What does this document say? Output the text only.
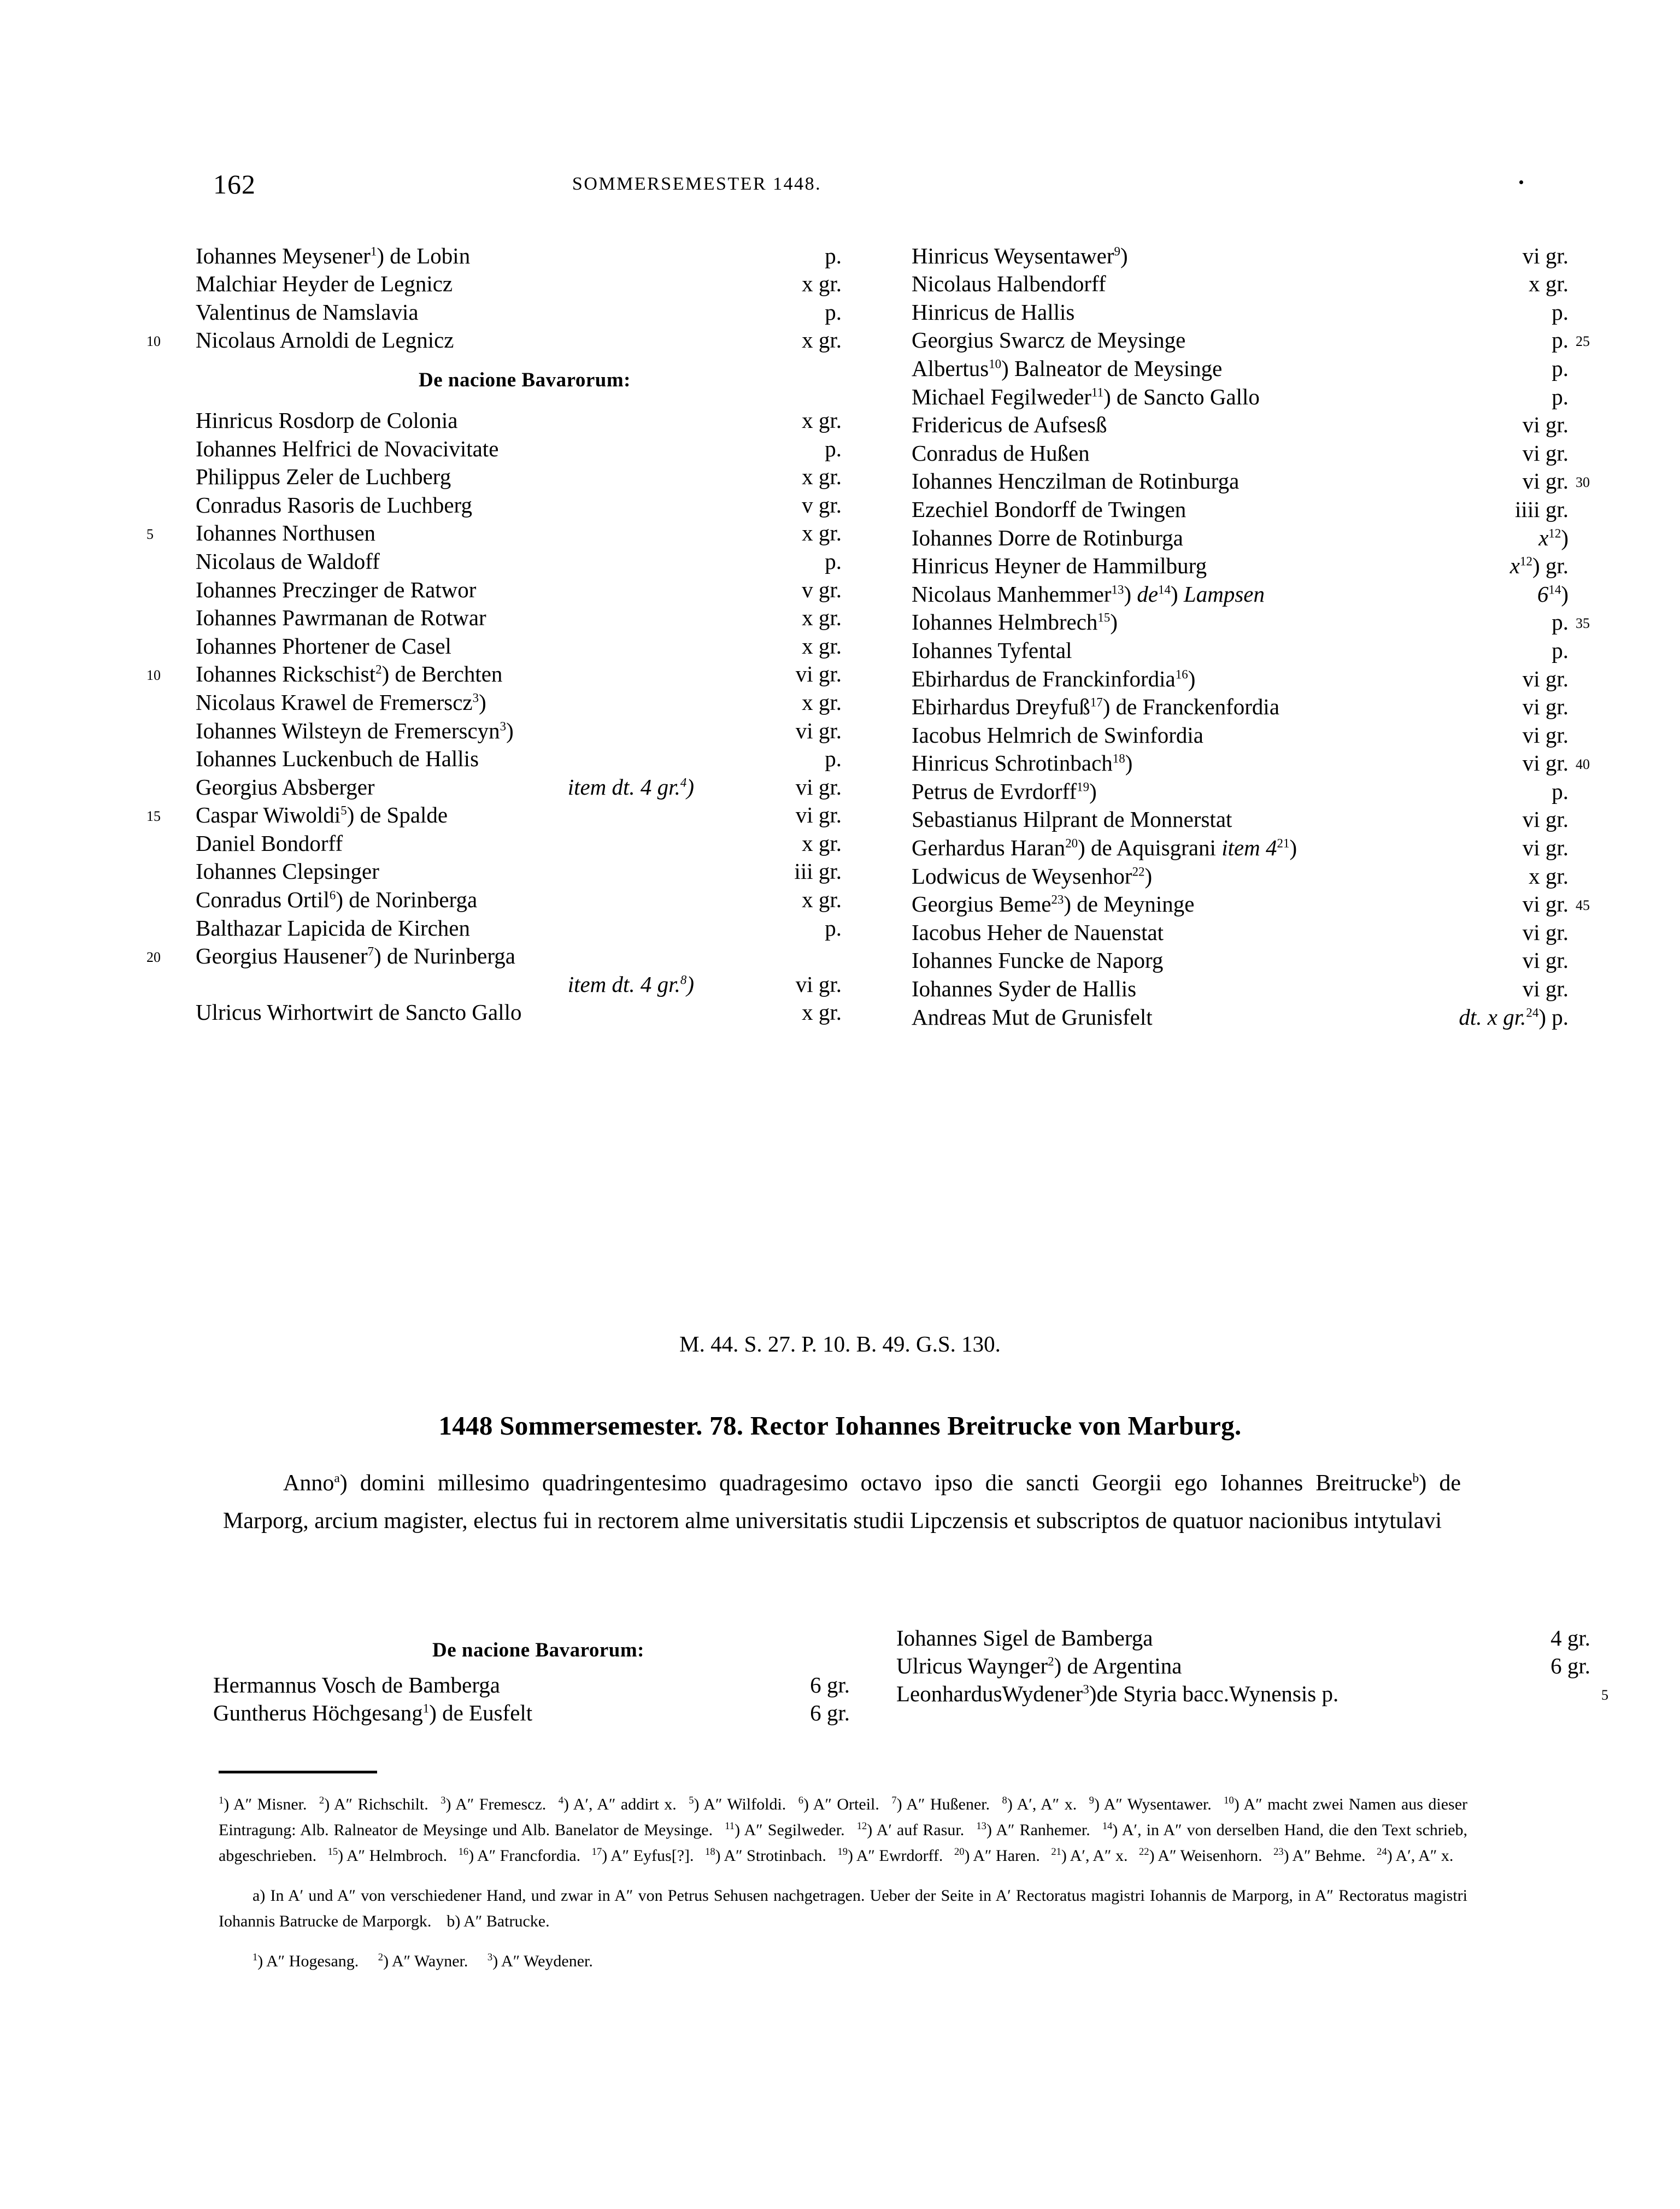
162	SOMMERSEMESTER 1448.
Iohannes Meysener$^1$) de Lobin	p.
Malchiar Heyder de Legnicz	x gr.
Valentinus de Namslavia	p.
10 Nicolaus Arnoldi de Legnicz	x gr.
De nacione Bavarorum:
Hinricus Rosdorp de Colonia	x gr.
Iohannes Helfrici de Novacivitate	p.
Philippus Zeler de Luchberg	x gr.
Conradus Rasoris de Luchberg	v gr.
5 Iohannes Northusen	x gr.
Nicolaus de Waldoff	p.
Iohannes Preczinger de Ratwor	v gr.
Iohannes Pawrmanan de Rotwar	x gr.
Iohannes Phortener de Casel	x gr.
10 Iohannes Rickschist$^2$) de Berchten	vi gr.
Nicolaus Krawel de Fremerscz$^3$)	x gr.
Iohannes Wilsteyn de Fremerscyn$^3$)	vi gr.
Iohannes Luckenbuch de Hallis	p.
Georgius Absberger	item dt. 4 gr.$^4$)	vi gr.
15 Caspar Wiwoldi$^5$) de Spalde	vi gr.
Daniel Bondorff	x gr.
Iohannes Clepsinger	iii gr.
Conradus Ortil$^6$) de Norinberga	x gr.
Balthazar Lapicida de Kirchen	p.
20 Georgius Hausener$^7$) de Nurinberga
item dt. 4 gr.$^8$)	vi gr.
Ulricus Wirhortwirt de Sancto Gallo	x gr.
Hinricus Weysentawer$^9$)	vi gr.
Nicolaus Halbendorff	x gr.
Hinricus de Hallis	p.
Georgius Swarcz de Meysinge	p. 25
Albertus$^{10}$) Balneator de Meysinge	p.
Michael Fegilweder$^{11}$) de Sancto Gallo	p.
Fridericus de Aufsesß	vi gr.
Conradus de Hußen	vi gr.
Iohannes Henczilman de Rotinburga	vi gr. 30
Ezechiel Bondorff de Twingen	iiii gr.
Iohannes Dorre de Rotinburga	$x^{12}$)
Hinricus Heyner de Hammilburg	$x^{12}$) gr.
Nicolaus Manhemmer$^{13}$) $de^{14}$) Lampsen	$6^{14}$)
Iohannes Helmbrech$^{15}$)	p. 35
Iohannes Tyfental	p.
Ebirhardus de Franckinfordia$^{16}$)	vi gr.
Ebirhardus Dreyfuß$^{17}$) de Franckenfordia	vi gr.
Iacobus Helmrich de Swinfordia	vi gr.
Hinricus Schrotinbach$^{18}$)	vi gr. 40
Petrus de Evrdorff$^{19}$)	p.
Sebastianus Hilprant de Monnerstat	vi gr.
Gerhardus Haran$^{20}$) de Aquisgrani item $4^{21}$)	vi gr.
Lodwicus de Weysenhor$^{22}$)	x gr.
Georgius Beme$^{23}$) de Meyninge	vi gr. 45
Iacobus Heher de Nauenstat	vi gr.
Iohannes Funcke de Naporg	vi gr.
Iohannes Syder de Hallis	vi gr.
Andreas Mut de Grunisfelt	dt. x gr.$^{24}$) p.
M. 44. S. 27. P. 10. B. 49. G.S. 130.
1448 Sommersemester. 78. Rector Iohannes Breitrucke von Marburg.
Anno$^a$) domini millesimo quadringentesimo quadragesimo octavo ipso die sancti Georgii ego Iohannes Breitrucke$^b$) de Marporg, arcium magister, electus fui in rectorem alme universitatis studii Lipczensis et subscriptos de quatuor nacionibus intytulavi
De nacione Bavarorum:
Hermannus Vosch de Bamberga	6 gr.
Guntherus Höchgesang$^1$) de Eusfelt	6 gr.
Iohannes Sigel de Bamberga	4 gr.
Ulricus Waynger$^2$) de Argentina	6 gr.
LeonhardusWydener$^3$)de Styria bacc.Wynensis p.	5
$^1$) A″ Misner. $^2$) A″ Richschilt. $^3$) A″ Fremescz. $^4$) A′, A″ addirt x. $^5$) A″ Wilfoldi. $^6$) A″ Orteil. $^7$) A″ Hußener. $^8$) A′, A″ x. $^9$) A″ Wysentawer. $^{10}$) A″ macht zwei Namen aus dieser Eintragung: Alb. Ralneator de Meysinge und Alb. Banelator de Meysinge. $^{11}$) A″ Segilweder. $^{12}$) A′ auf Rasur. $^{13}$) A″ Ranhemer. $^{14}$) A′, in A″ von derselben Hand, die den Text schrieb, abgeschrieben. $^{15}$) A″ Helmbroch. $^{16}$) A″ Francfordia. $^{17}$) A″ Eyfus[?]. $^{18}$) A″ Strotinbach. $^{19}$) A″ Ewrdorff. $^{20}$) A″ Haren. $^{21}$) A′, A″ x. $^{22}$) A″ Weisenhorn. $^{23}$) A″ Behme. $^{24}$) A′, A″ x.
a) In A′ und A″ von verschiedener Hand, und zwar in A″ von Petrus Sehusen nachgetragen. Ueber der Seite in A′ Rectoratus magistri Iohannis de Marporg, in A″ Rectoratus magistri Iohannis Batrucke de Marporgk. b) A″ Batrucke.
$^1$) A″ Hogesang. $^2$) A″ Wayner. $^3$) A″ Weydener.
